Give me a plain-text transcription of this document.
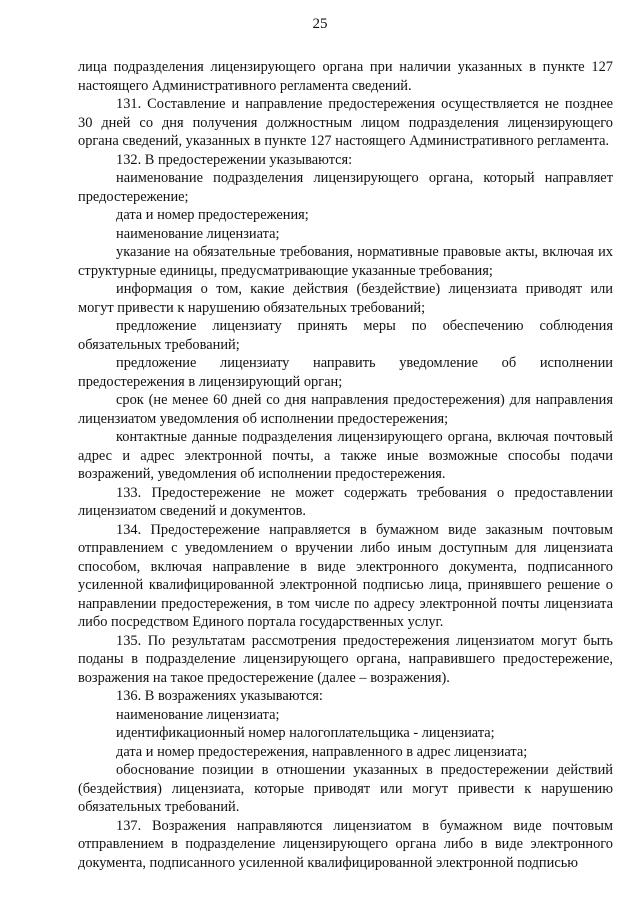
25

лица подразделения лицензирующего органа при наличии указанных в пункте 127 настоящего Административного регламента сведений.

131. Составление и направление предостережения осуществляется не позднее 30 дней со дня получения должностным лицом подразделения лицензирующего органа сведений, указанных в пункте 127 настоящего Административного регламента.

132. В предостережении указываются:

наименование подразделения лицензирующего органа, который направляет предостережение;

дата и номер предостережения;

наименование лицензиата;

указание на обязательные требования, нормативные правовые акты, включая их структурные единицы, предусматривающие указанные требования;

информация о том, какие действия (бездействие) лицензиата приводят или могут привести к нарушению обязательных требований;

предложение лицензиату принять меры по обеспечению соблюдения обязательных требований;

предложение лицензиату направить уведомление об исполнении предостережения в лицензирующий орган;

срок (не менее 60 дней со дня направления предостережения) для направления лицензиатом уведомления об исполнении предостережения;

контактные данные подразделения лицензирующего органа, включая почтовый адрес и адрес электронной почты, а также иные возможные способы подачи возражений, уведомления об исполнении предостережения.

133. Предостережение не может содержать требования о предоставлении лицензиатом сведений и документов.

134. Предостережение направляется в бумажном виде заказным почтовым отправлением с уведомлением о вручении либо иным доступным для лицензиата способом, включая направление в виде электронного документа, подписанного усиленной квалифицированной электронной подписью лица, принявшего решение о направлении предостережения, в том числе по адресу электронной почты лицензиата либо посредством Единого портала государственных услуг.

135. По результатам рассмотрения предостережения лицензиатом могут быть поданы в подразделение лицензирующего органа, направившего предостережение, возражения на такое предостережение (далее – возражения).

136. В возражениях указываются:

наименование лицензиата;

идентификационный номер налогоплательщика - лицензиата;

дата и номер предостережения, направленного в адрес лицензиата;

обоснование позиции в отношении указанных в предостережении действий (бездействия) лицензиата, которые приводят или могут привести к нарушению обязательных требований.

137. Возражения направляются лицензиатом в бумажном виде почтовым отправлением в подразделение лицензирующего органа либо в виде электронного документа, подписанного усиленной квалифицированной электронной подписью
